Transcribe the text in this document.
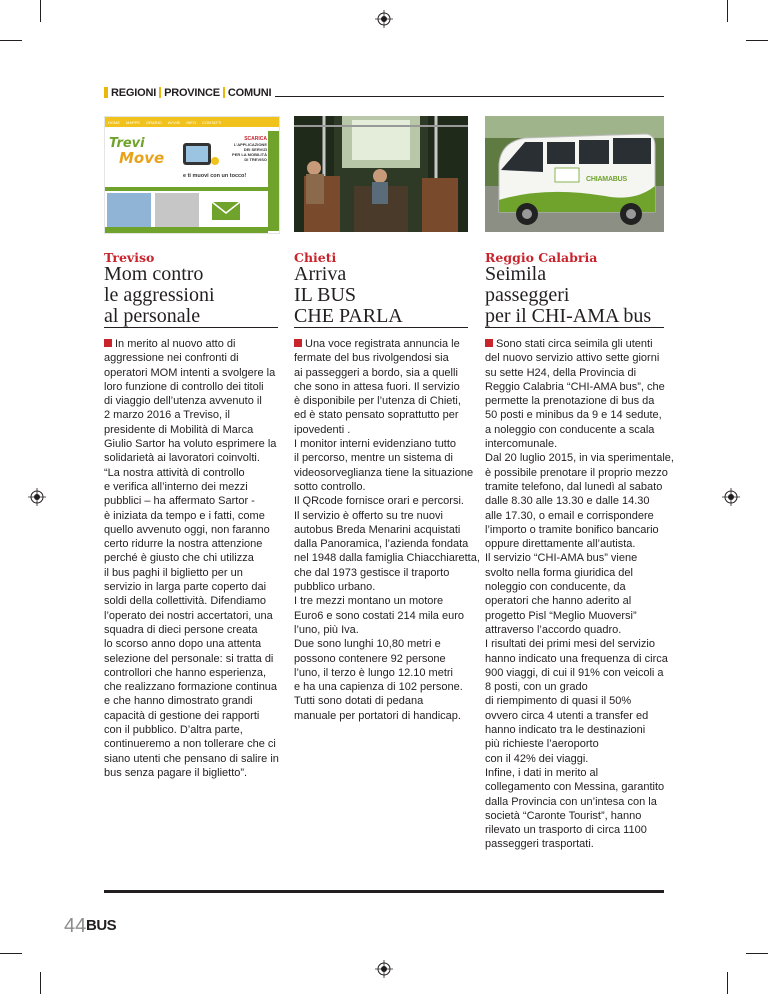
REGIONI PROVINCE COMUNI
HOME MAPPE ORARIO AVVISI INFO CONTATTI
Trevi
Move
SCARICA
L'APPLICAZIONE
DEI SERVIZI
PER LA MOBILITÀ
DI TREVISO
e ti muovi con un tocco!	CHIAMABUS
Treviso
Mom contro
le aggressioni
al personale

In merito al nuovo atto di

aggressione nei confronti di

operatori MOM intenti a svolgere la

loro funzione di controllo dei titoli

di viaggio dell’utenza avvenuto il

2 marzo 2016 a Treviso, il

presidente di Mobilità di Marca

Giulio Sartor ha voluto esprimere la

solidarietà ai lavoratori coinvolti.

“La nostra attività di controllo

e verifica all’interno dei mezzi

pubblici – ha affermato Sartor -

è iniziata da tempo e i fatti, come

quello avvenuto oggi, non faranno

certo ridurre la nostra attenzione

perché è giusto che chi utilizza

il bus paghi il biglietto per un

servizio in larga parte coperto dai

soldi della collettività. Difendiamo

l’operato dei nostri accertatori, una

squadra di dieci persone creata

lo scorso anno dopo una attenta

selezione del personale: si tratta di

controllori che hanno esperienza,

che realizzano formazione continua

e che hanno dimostrato grandi

capacità di gestione dei rapporti

con il pubblico. D’altra parte,

continueremo a non tollerare che ci

siano utenti che pensano di salire in

bus senza pagare il biglietto”.

Chieti
Arriva
IL BUS
CHE PARLA

Una voce registrata annuncia le

fermate del bus rivolgendosi sia

ai passeggeri a bordo, sia a quelli

che sono in attesa fuori. Il servizio

è disponibile per l’utenza di Chieti,

ed è stato pensato soprattutto per

ipovedenti .

I monitor interni evidenziano tutto

il percorso, mentre un sistema di

videosorveglianza tiene la situazione

sotto controllo.

Il QRcode fornisce orari e percorsi.

Il servizio è offerto su tre nuovi

autobus Breda Menarini acquistati

dalla Panoramica, l’azienda fondata

nel 1948 dalla famiglia Chiacchiaretta,

che dal 1973 gestisce il traporto

pubblico urbano.

I tre mezzi montano un motore

Euro6 e sono costati 214 mila euro

l’uno, più Iva.

Due sono lunghi 10,80 metri e

possono contenere 92 persone

l’uno, il terzo è lungo 12.10 metri

e ha una capienza di 102 persone.

Tutti sono dotati di pedana

manuale per portatori di handicap.

Reggio Calabria
Seimila
passeggeri
per il CHI-AMA bus

Sono stati circa seimila gli utenti

del nuovo servizio attivo sette giorni

su sette H24, della Provincia di

Reggio Calabria “CHI-AMA bus”, che

permette la prenotazione di bus da

50 posti e minibus da 9 e 14 sedute,

a noleggio con conducente a scala

intercomunale.

Dal 20 luglio 2015, in via sperimentale,

è possibile prenotare il proprio mezzo

tramite telefono, dal lunedì al sabato

dalle 8.30 alle 13.30 e dalle 14.30

alle 17.30, o email e corrispondere

l’importo o tramite bonifico bancario

oppure direttamente all’autista.

Il servizio “CHI-AMA bus” viene

svolto nella forma giuridica del

noleggio con conducente, da

operatori che hanno aderito al

progetto Pisl “Meglio Muoversi”

attraverso l’accordo quadro.

I risultati dei primi mesi del servizio

hanno indicato una frequenza di circa

900 viaggi, di cui il 91% con veicoli a

8 posti, con un grado

di riempimento di quasi il 50%

ovvero circa 4 utenti a transfer ed

hanno indicato tra le destinazioni

più richieste l’aeroporto

con il 42% dei viaggi.

Infine, i dati in merito al

collegamento con Messina, garantito

dalla Provincia con un’intesa con la

società “Caronte Tourist”, hanno

rilevato un trasporto di circa 1100

passeggeri trasportati.

44 BUS
